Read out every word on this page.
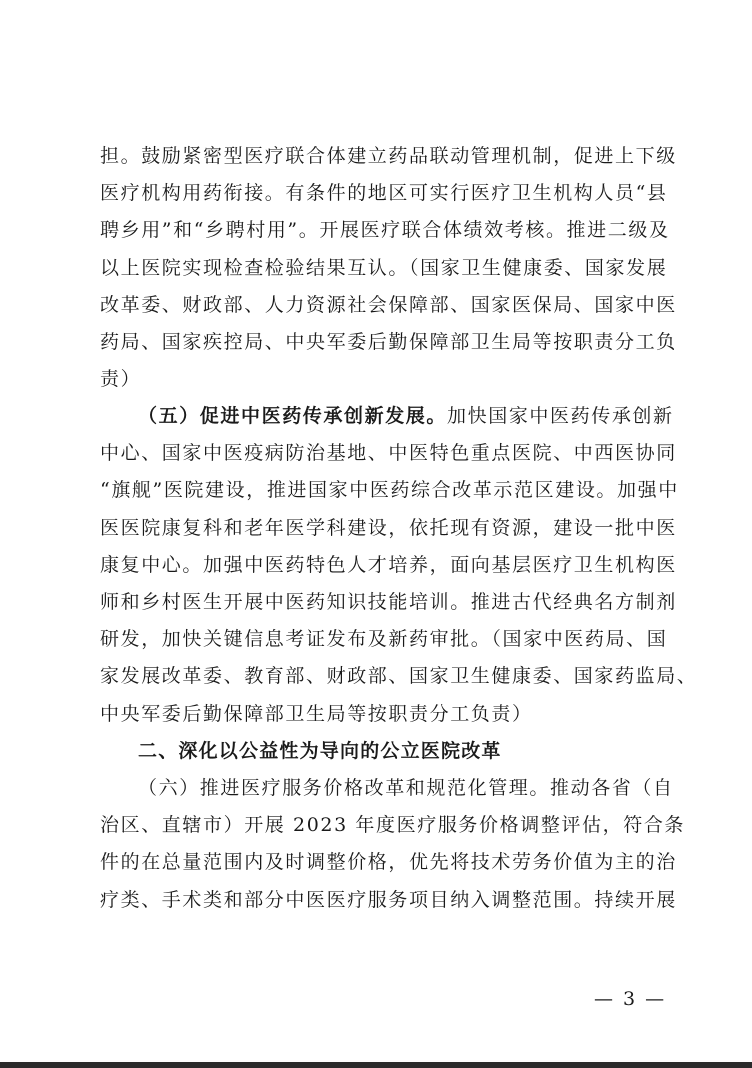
担。鼓励紧密型医疗联合体建立药品联动管理机制，促进上下级
医疗机构用药衔接。有条件的地区可实行医疗卫生机构人员“县
聘乡用”和“乡聘村用”。开展医疗联合体绩效考核。推进二级及
以上医院实现检查检验结果互认。（国家卫生健康委、国家发展
改革委、财政部、人力资源社会保障部、国家医保局、国家中医
药局、国家疾控局、中央军委后勤保障部卫生局等按职责分工负
责）
（五）促进中医药传承创新发展。加快国家中医药传承创新
中心、国家中医疫病防治基地、中医特色重点医院、中西医协同
“旗舰”医院建设，推进国家中医药综合改革示范区建设。加强中
医医院康复科和老年医学科建设，依托现有资源，建设一批中医
康复中心。加强中医药特色人才培养，面向基层医疗卫生机构医
师和乡村医生开展中医药知识技能培训。推进古代经典名方制剂
研发，加快关键信息考证发布及新药审批。（国家中医药局、国
家发展改革委、教育部、财政部、国家卫生健康委、国家药监局、
中央军委后勤保障部卫生局等按职责分工负责）
二、深化以公益性为导向的公立医院改革
（六）推进医疗服务价格改革和规范化管理。推动各省（自
治区、直辖市）开展 2023 年度医疗服务价格调整评估，符合条
件的在总量范围内及时调整价格，优先将技术劳务价值为主的治
疗类、手术类和部分中医医疗服务项目纳入调整范围。持续开展
— 3 —
